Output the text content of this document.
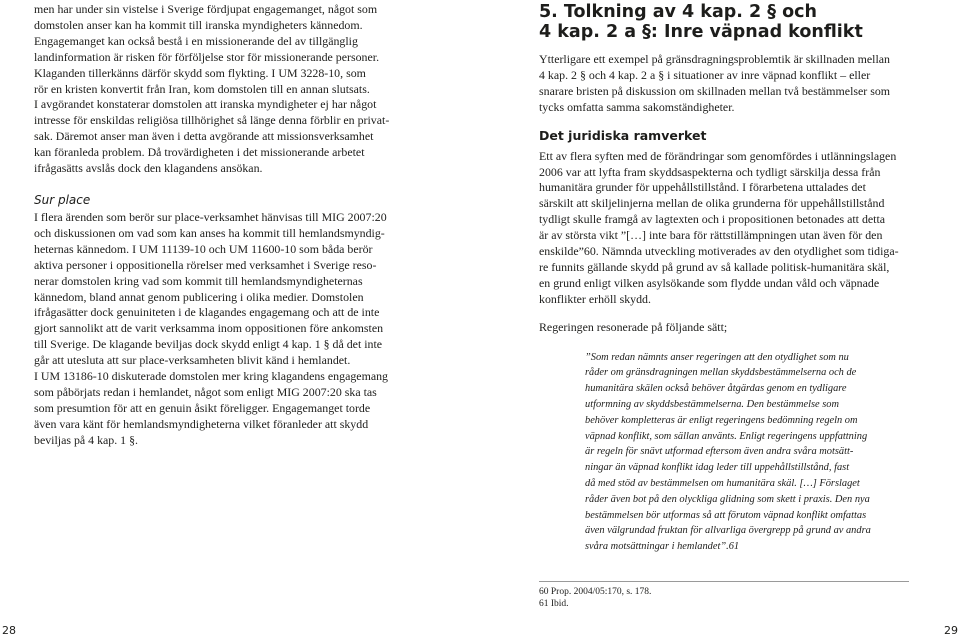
men har under sin vistelse i Sverige fördjupat engagemanget, något som
domstolen anser kan ha kommit till iranska myndigheters kännedom.
Engagemanget kan också bestå i en missionerande del av tillgänglig
landinformation är risken för förföljelse stor för missionerande personer.
Klaganden tillerkänns därför skydd som flykting. I UM 3228-10, som
rör en kristen konvertit från Iran, kom domstolen till en annan slutsats.
I avgörandet konstaterar domstolen att iranska myndigheter ej har något
intresse för enskildas religiösa tillhörighet så länge denna förblir en privat-
sak. Däremot anser man även i detta avgörande att missionsverksamhet
kan föranleda problem. Då trovärdigheten i det missionerande arbetet
ifrågasätts avslås dock den klagandens ansökan.

Sur place

I flera ärenden som berör sur place-verksamhet hänvisas till MIG 2007:20
och diskussionen om vad som kan anses ha kommit till hemlandsmyndig-
heternas kännedom. I UM 11139-10 och UM 11600-10 som båda berör
aktiva personer i oppositionella rörelser med verksamhet i Sverige reso-
nerar domstolen kring vad som kommit till hemlandsmyndigheternas
kännedom, bland annat genom publicering i olika medier. Domstolen
ifrågasätter dock genuiniteten i de klagandes engagemang och att de inte
gjort sannolikt att de varit verksamma inom oppositionen före ankomsten
till Sverige. De klagande beviljas dock skydd enligt 4 kap. 1 § då det inte
går att utesluta att sur place-verksamheten blivit känd i hemlandet.
I UM 13186-10 diskuterade domstolen mer kring klagandens engagemang
som påbörjats redan i hemlandet, något som enligt MIG 2007:20 ska tas
som presumtion för att en genuin åsikt föreligger. Engagemanget torde
även vara känt för hemlandsmyndigheterna vilket föranleder att skydd
beviljas på 4 kap. 1 §.

28
5. Tolkning av 4 kap. 2 § och
4 kap. 2 a §: Inre väpnad konflikt

Ytterligare ett exempel på gränsdragningsproblemtik är skillnaden mellan
4 kap. 2 § och 4 kap. 2 a § i situationer av inre väpnad konflikt – eller
snarare bristen på diskussion om skillnaden mellan två bestämmelser som
tycks omfatta samma sakomständigheter.

Det juridiska ramverket

Ett av flera syften med de förändringar som genomfördes i utlänningslagen
2006 var att lyfta fram skyddsaspekterna och tydligt särskilja dessa från
humanitära grunder för uppehållstillstånd. I förarbetena uttalades det
särskilt att skiljelinjerna mellan de olika grunderna för uppehållstillstånd
tydligt skulle framgå av lagtexten och i propositionen betonades att detta
är av största vikt ”[…] inte bara för rättstillämpningen utan även för den
enskilde”60. Nämnda utveckling motiverades av den otydlighet som tidiga-
re funnits gällande skydd på grund av så kallade politisk-humanitära skäl,
en grund enligt vilken asylsökande som flydde undan våld och väpnade
konflikter erhöll skydd.

Regeringen resonerade på följande sätt;

”Som redan nämnts anser regeringen att den otydlighet som nu
råder om gränsdragningen mellan skyddsbestämmelserna och de
humanitära skälen också behöver åtgärdas genom en tydligare
utformning av skyddsbestämmelserna. Den bestämmelse som
behöver kompletteras är enligt regeringens bedömning regeln om
väpnad konflikt, som sällan använts. Enligt regeringens uppfattning
är regeln för snävt utformad eftersom även andra svåra motsätt-
ningar än väpnad konflikt idag leder till uppehållstillstånd, fast
då med stöd av bestämmelsen om humanitära skäl. […] Förslaget
råder även bot på den olyckliga glidning som skett i praxis. Den nya
bestämmelsen bör utformas så att förutom väpnad konflikt omfattas
även välgrundad fruktan för allvarliga övergrepp på grund av andra
svåra motsättningar i hemlandet”.61
60 Prop. 2004/05:170, s. 178.
61 Ibid.
29
